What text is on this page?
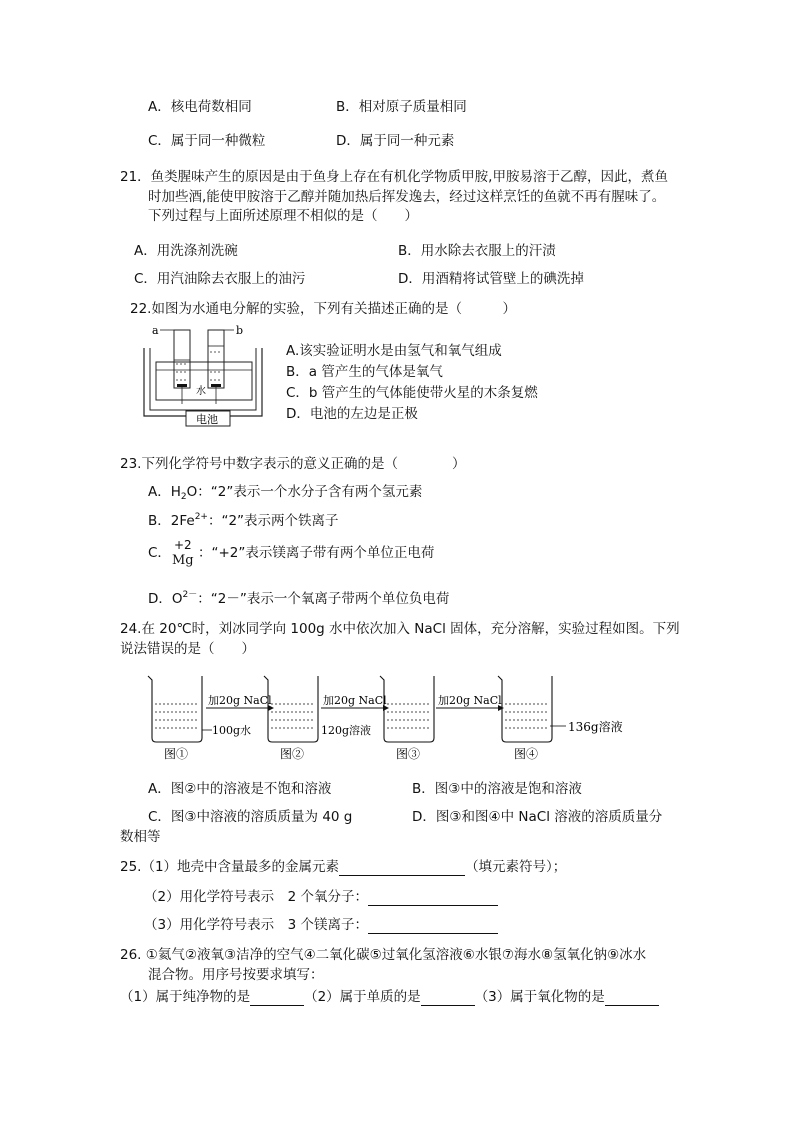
A．核电荷数相同	B．相对原子质量相同
C．属于同一种微粒	D．属于同一种元素
21．鱼类腥味产生的原因是由于鱼身上存在有机化学物质甲胺,甲胺易溶于乙醇，因此，煮鱼
时加些酒,能使甲胺溶于乙醇并随加热后挥发逸去，经过这样烹饪的鱼就不再有腥味了。
下列过程与上面所述原理不相似的是（　　）
A．用洗涤剂洗碗	B．用水除去衣服上的汗渍
C．用汽油除去衣服上的油污	D．用酒精将试管壁上的碘洗掉
22.如图为水通电分解的实验，下列有关描述正确的是（　　　）
a	b
水
电池
A.该实验证明水是由氢气和氧气组成
B．a 管产生的气体是氧气
C．b 管产生的气体能使带火星的木条复燃
D．电池的左边是正极
23.下列化学符号中数字表示的意义正确的是（　　　　）
A．$H_2O$：“2”表示一个水分子含有两个氢元素
B．$2Fe^{2+}$：“2”表示两个铁离子
C． +2
Mg ：“+2”表示镁离子带有两个单位正电荷
D．$O^{2-}$：“2－”表示一个氧离子带两个单位负电荷
24.在 20℃时，刘冰同学向 100g 水中依次加入 NaCl 固体，充分溶解，实验过程如图。下列
说法错误的是（　　）
加20g NaCl	加20g NaCl	加20g NaCl
100g水	120g溶液	136g溶液
图①	图②	图③	图④
A．图②中的溶液是不饱和溶液	B．图③中的溶液是饱和溶液
C．图③中溶液的溶质质量为 40 g	D．图③和图④中 NaCl 溶液的溶质质量分
数相等
25.（1）地壳中含量最多的金属元素	（填元素符号）；
（2）用化学符号表示　2 个氧分子：
（3）用化学符号表示　3 个镁离子：
26. ①氦气②液氧③洁净的空气④二氧化碳⑤过氧化氢溶液⑥水银⑦海水⑧氢氧化钠⑨冰水
混合物。用序号按要求填写：
（1）属于纯净物的是	（2）属于单质的是	（3）属于氧化物的是
